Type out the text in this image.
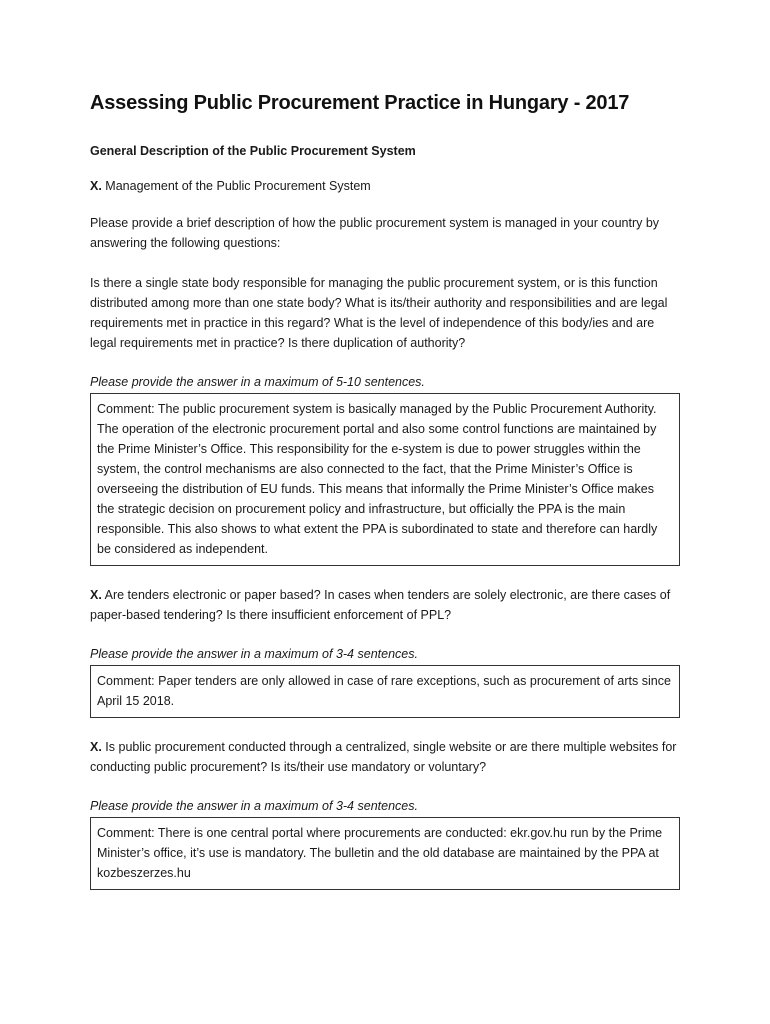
Assessing Public Procurement Practice in Hungary - 2017
General Description of the Public Procurement System
X. Management of the Public Procurement System

Please provide a brief description of how the public procurement system is managed in your country by answering the following questions:

Is there a single state body responsible for managing the public procurement system, or is this function distributed among more than one state body? What is its/their authority and responsibilities and are legal requirements met in practice in this regard? What is the level of independence of this body/ies and are legal requirements met in practice? Is there duplication of authority?

Please provide the answer in a maximum of 5-10 sentences.
Comment: The public procurement system is basically managed by the Public Procurement Authority. The operation of the electronic procurement portal and also some control functions are maintained by the Prime Minister’s Office. This responsibility for the e-system is due to power struggles within the system, the control mechanisms are also connected to the fact, that the Prime Minister’s Office is overseeing the distribution of EU funds. This means that informally the Prime Minister’s Office makes the strategic decision on procurement policy and infrastructure, but officially the PPA is the main responsible. This also shows to what extent the PPA is subordinated to state and therefore can hardly be considered as independent.
X. Are tenders electronic or paper based? In cases when tenders are solely electronic, are there cases of paper-based tendering? Is there insufficient enforcement of PPL?
Please provide the answer in a maximum of 3-4 sentences.
Comment: Paper tenders are only allowed in case of rare exceptions, such as procurement of arts since April 15 2018.
X. Is public procurement conducted through a centralized, single website or are there multiple websites for conducting public procurement? Is its/their use mandatory or voluntary?
Please provide the answer in a maximum of 3-4 sentences.
Comment: There is one central portal where procurements are conducted: ekr.gov.hu run by the Prime Minister’s office, it’s use is mandatory. The bulletin and the old database are maintained by the PPA at kozbeszerzes.hu
